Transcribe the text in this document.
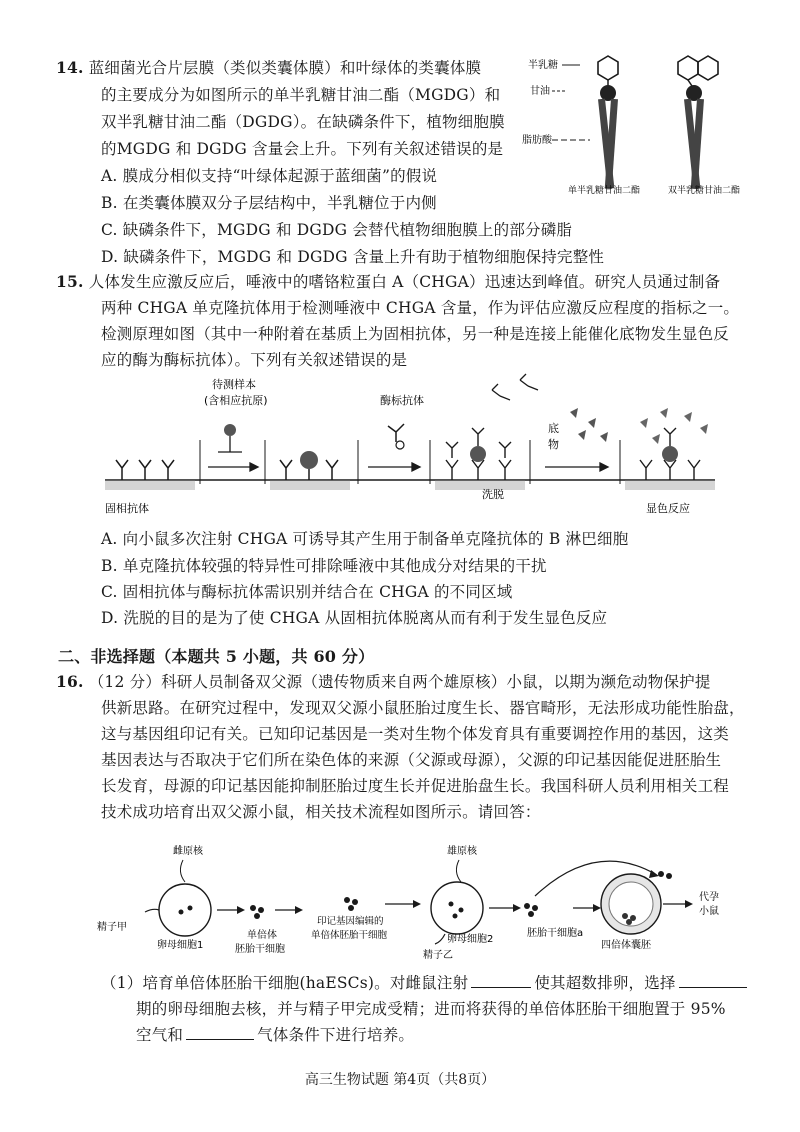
14. 蓝细菌光合片层膜（类似类囊体膜）和叶绿体的类囊体膜
的主要成分为如图所示的单半乳糖甘油二酯（MGDG）和
双半乳糖甘油二酯（DGDG）。在缺磷条件下，植物细胞膜
的MGDG 和 DGDG 含量会上升。下列有关叙述错误的是
A. 膜成分相似支持“叶绿体起源于蓝细菌”的假说
B. 在类囊体膜双分子层结构中，半乳糖位于内侧
C. 缺磷条件下，MGDG 和 DGDG 会替代植物细胞膜上的部分磷脂
D. 缺磷条件下，MGDG 和 DGDG 含量上升有助于植物细胞保持完整性
半乳糖
甘油
脂肪酸
单半乳糖甘油二酯	双半乳糖甘油二酯
15. 人体发生应激反应后，唾液中的嗜铬粒蛋白 A（CHGA）迅速达到峰值。研究人员通过制备
两种 CHGA 单克隆抗体用于检测唾液中 CHGA 含量，作为评估应激反应程度的指标之一。
检测原理如图（其中一种附着在基质上为固相抗体，另一种是连接上能催化底物发生显色反
应的酶为酶标抗体）。下列有关叙述错误的是
待测样本
(含相应抗原)	酶标抗体
洗脱
底
物
固相抗体	显色反应
A. 向小鼠多次注射 CHGA 可诱导其产生用于制备单克隆抗体的 B 淋巴细胞
B. 单克隆抗体较强的特异性可排除唾液中其他成分对结果的干扰
C. 固相抗体与酶标抗体需识别并结合在 CHGA 的不同区域
D. 洗脱的目的是为了使 CHGA 从固相抗体脱离从而有利于发生显色反应
二、非选择题（本题共 5 小题，共 60 分）
16. （12 分）科研人员制备双父源（遗传物质来自两个雄原核）小鼠，以期为濒危动物保护提
供新思路。在研究过程中，发现双父源小鼠胚胎过度生长、器官畸形，无法形成功能性胎盘，
这与基因组印记有关。已知印记基因是一类对生物个体发育具有重要调控作用的基因，这类
基因表达与否取决于它们所在染色体的来源（父源或母源），父源的印记基因能促进胚胎生
长发育，母源的印记基因能抑制胚胎过度生长并促进胎盘生长。我国科研人员利用相关工程
技术成功培育出双父源小鼠，相关技术流程如图所示。请回答：
雌原核
精子甲
卵母细胞1
单倍体
胚胎干细胞
印记基因编辑的
单倍体胚胎干细胞
雄原核
精子乙
卵母细胞2
胚胎干细胞a
四倍体囊胚
代孕
小鼠
（1）培育单倍体胚胎干细胞(haESCs)。对雌鼠注射	使其超数排卵，选择
期的卵母细胞去核，并与精子甲完成受精；进而将获得的单倍体胚胎干细胞置于 95%
空气和	气体条件下进行培养。
高三生物试题 第4页（共8页）
